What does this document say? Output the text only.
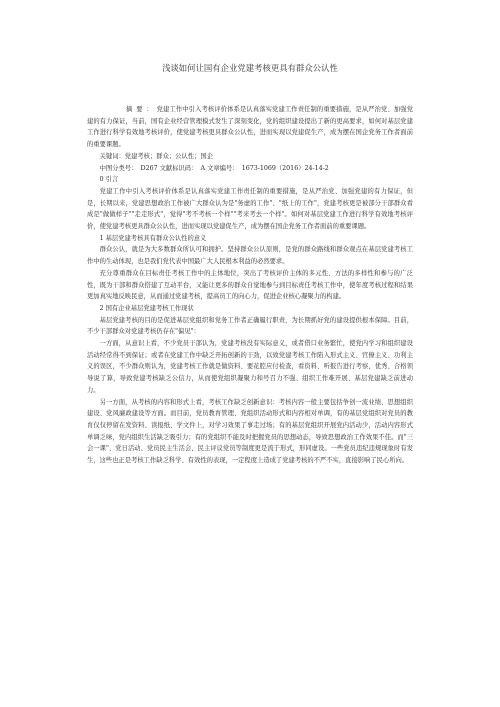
浅谈如何让国有企业党建考核更具有群众公认性

摘要：党建工作中引入考核评价体系是认真落实党建工作责任制的重要措施，是从严治党、加强党建的有力保证，当前，国有企业经营管理模式发生了深刻变化，党的组织建设提出了新的更高要求，如何对基层党建工作进行科学有效地考核评价，使党建考核更具群众公认性，进而实现以党建促生产，成为摆在国企党务工作者面前的重要课题。

关键词：党建考核；群众；公认性；国企

中图分类号：　D267 文献标识码：　A 文章编号：　1673-1069（2016）24-14-2

0 引言

党建工作中引入考核评价体系是认真落实党建工作责任制的重要措施，是从严治党、加强党建的有力保证，但是，长期以来，党建思想政治工作被广大群众认为是"务虚的工作"、"纸上的工作"，党建考核更是被部分干部群众看成是"做做样子""走走形式"，觉得"考不考核一个样""考来考去一个样"。如何对基层党建工作进行科学有效地考核评价，使党建考核更具群众公认性，进而实现以党建促生产，成为摆在国企党务工作者面前的重要课题。

1 基层党建考核具有群众公认性的意义

群众公认，就是为大多数群众所认可和拥护。坚持群众公认原则，是党的群众路线和群众观点在基层党建考核工作中的生动体现，也是我们党代表中国最广大人民根本利益的必然要求。

充分尊重群众在目标责任考核工作中的主体地位，突出了考核评价主体的多元性、方法的多样性和参与的广泛性，既为干部和群众搭建了互动平台，又能让更多的群众自觉地参与到目标责任考核工作中，使年度考核过程和结果更加真实地反映民意，从而通过党建考核，提高员工的向心力，促进企业核心凝聚力的构建。

2 国有企业基层党建考核工作现状

基层党建考核的目的是促进基层党组织和党务工作者正确履行职责，为长期抓好党的建设提供根本保障。目前，不少干部群众对党建考核仍存在"偏见"：

一方面，从意识上看，不少党员干部认为，党建考核没有实际意义，或者借口业务繁忙，使党内学习和组织建设活动经常得不到保证；或者在党建工作中缺乏开拓创新的干劲，以致党建考核工作陷入形式主义、官僚主义、功利主义的误区，不少群众则认为，党建考核工作就是做资料、要花腔应付检查，看资料、听报告进行考察，优秀、合格领导说了算，导致党建考核缺乏公信力，从而使党组织凝聚力和号召力不强、组织工作难开展、基层党建缺乏前进动力。

另一方面，从考核的内容和形式上看，考核工作缺乏创新意识：考核内容一般主要包括争创一流业绩、思想组织建设、党风廉政建设等方面。而目前，党员教育管理、党组织活动形式和内容相对单调，有的基层党组织对党员的教育仅仅停留在发资料、读报纸、学文件上，对学习效果了事走过场；有的基层党组织开展党内活动少，活动内容形式单调乏味，党内组织生活缺乏吸引力；有的党组织不能及时把握党员的思想动态，导致思想政治工作效果不佳。而"三会一课"、党日活动、党员民主生活会、民主评议党员等制度更是流于形式，形同虚设。一些党员违纪违规现象时有发生，这些也正是考核工作缺乏科学、有效性的表现，一定程度上造成了党建考核的不严不实，直接影响了民心所向。
